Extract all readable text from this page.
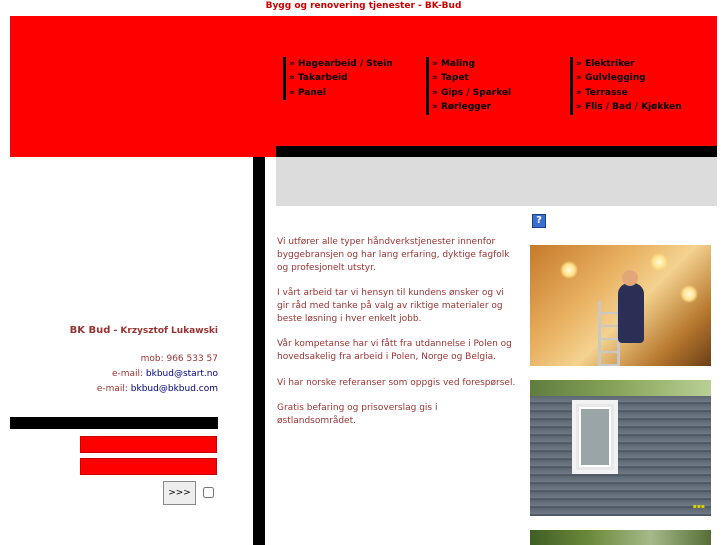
Bygg og renovering tjenester - BK-Bud
» Hagearbeid / Stein
» Takarbeid
» Panel
» Maling
» Tapet
» Gips / Sparkel
» Rørlegger
» Elektriker
» Gulvlegging
» Terrasse
» Flis / Bad / Kjøkken
BK Bud - Krzysztof Lukawski
mob: 966 533 57
e-mail: bkbud@start.no
e-mail: bkbud@bkbud.com
>>>
?

Vi utfører alle typer håndverkstjenester innenfor byggebransjen og har lang erfaring, dyktige fagfolk og profesjonelt utstyr.

I vårt arbeid tar vi hensyn til kundens ønsker og vi gir råd med tanke på valg av riktige materialer og beste løsning i hver enkelt jobb.

Vår kompetanse har vi fått fra utdannelse i Polen og hovedsakelig fra arbeid i Polen, Norge og Belgia.

Vi har norske referanser som oppgis ved forespørsel.

Gratis befaring og prisoverslag gis i østlandsområdet.

▪▪▪
